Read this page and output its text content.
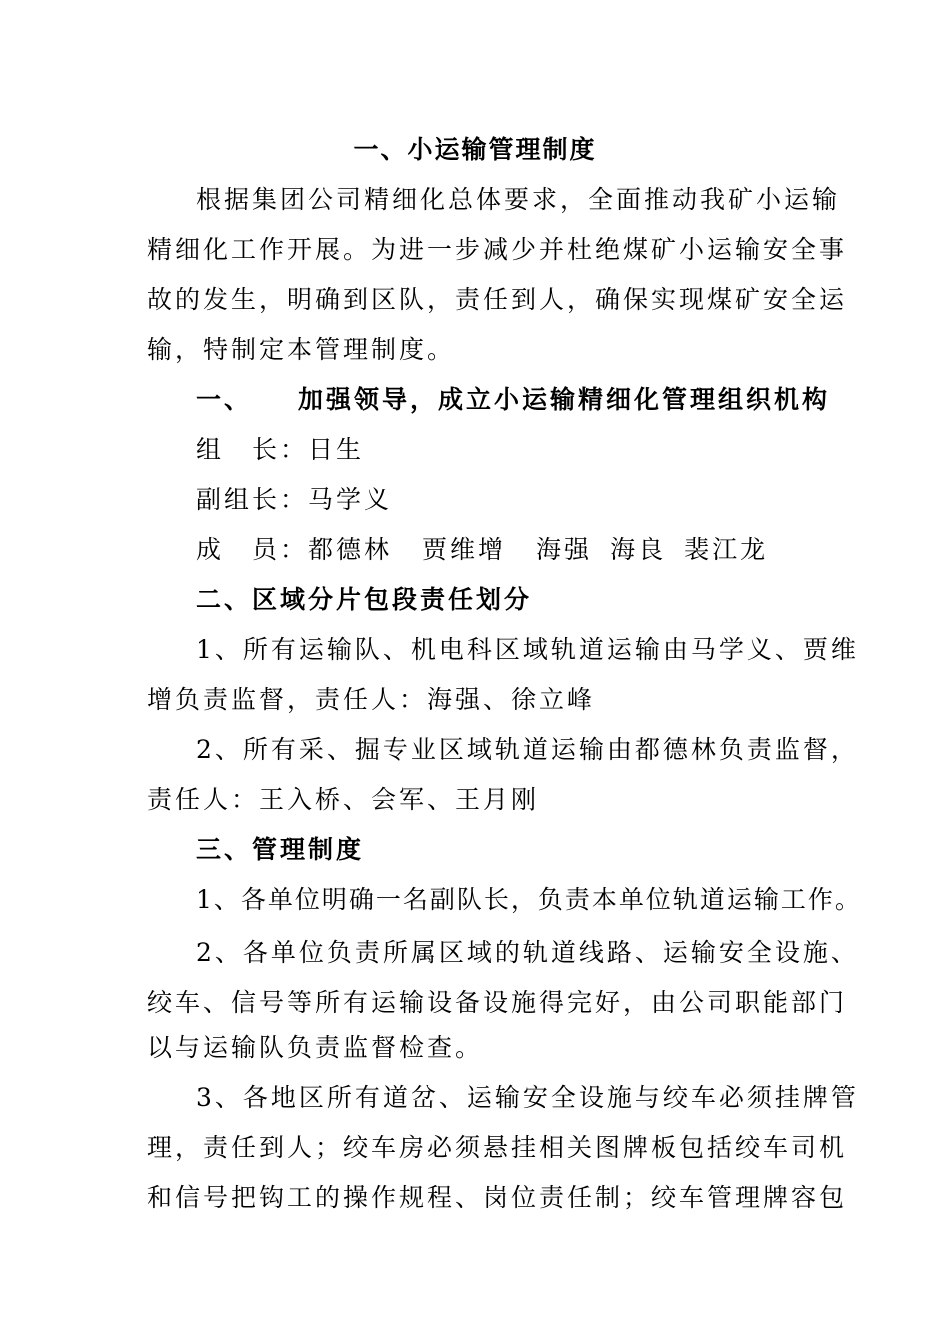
一、小运输管理制度
根据集团公司精细化总体要求，全面推动我矿小运输
精细化工作开展。为进一步减少并杜绝煤矿小运输安全事
故的发生，明确到区队，责任到人，确保实现煤矿安全运
输，特制定本管理制度。
一、 加强领导，成立小运输精细化管理组织机构
组　长：日生
副组长：马学义
成　员：都德林 贾维增 海强 海良 裴江龙
二、区域分片包段责任划分
1、所有运输队、机电科区域轨道运输由马学义、贾维
增负责监督，责任人：海强、徐立峰
2、所有采、掘专业区域轨道运输由都德林负责监督，
责任人：王入桥、会军、王月刚
三、管理制度
1、各单位明确一名副队长，负责本单位轨道运输工作。
2、各单位负责所属区域的轨道线路、运输安全设施、
绞车、信号等所有运输设备设施得完好，由公司职能部门
以与运输队负责监督检查。
3、各地区所有道岔、运输安全设施与绞车必须挂牌管
理，责任到人；绞车房必须悬挂相关图牌板包括绞车司机
和信号把钩工的操作规程、岗位责任制；绞车管理牌容包
